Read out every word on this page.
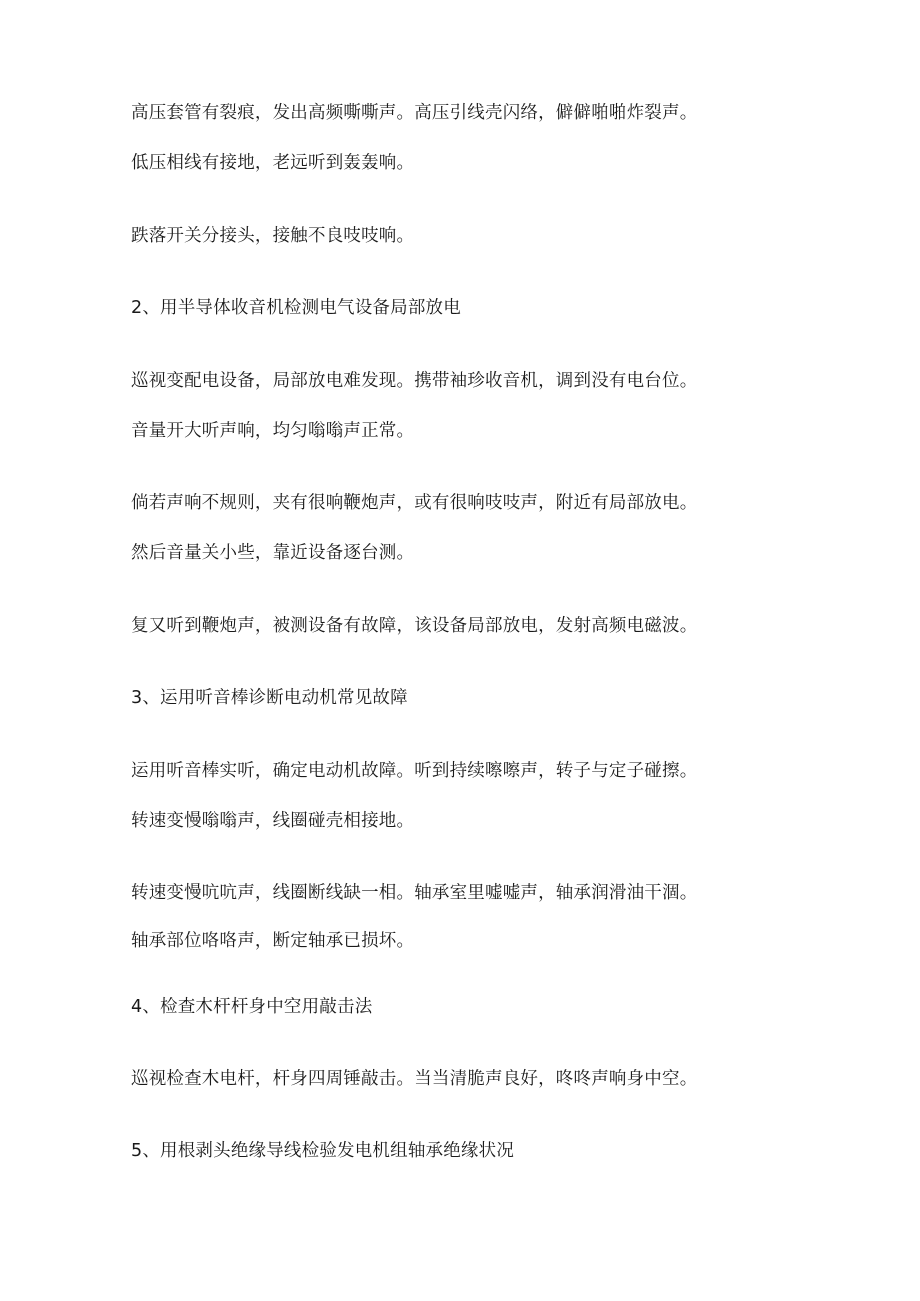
高压套管有裂痕，发出高频嘶嘶声。高压引线壳闪络，僻僻啪啪炸裂声。
低压相线有接地，老远听到轰轰响。
跌落开关分接头，接触不良吱吱响。
2、用半导体收音机检测电气设备局部放电
巡视变配电设备，局部放电难发现。携带袖珍收音机，调到没有电台位。
音量开大听声响，均匀嗡嗡声正常。
倘若声响不规则，夹有很响鞭炮声，或有很响吱吱声，附近有局部放电。
然后音量关小些，靠近设备逐台测。
复又听到鞭炮声，被测设备有故障，该设备局部放电，发射高频电磁波。
3、运用听音棒诊断电动机常见故障
运用听音棒实听，确定电动机故障。听到持续嚓嚓声，转子与定子碰擦。
转速变慢嗡嗡声，线圈碰壳相接地。
转速变慢吭吭声，线圈断线缺一相。轴承室里嘘嘘声，轴承润滑油干涸。
轴承部位咯咯声，断定轴承已损坏。
4、检查木杆杆身中空用敲击法
巡视检查木电杆，杆身四周锤敲击。当当清脆声良好，咚咚声响身中空。
5、用根剥头绝缘导线检验发电机组轴承绝缘状况
